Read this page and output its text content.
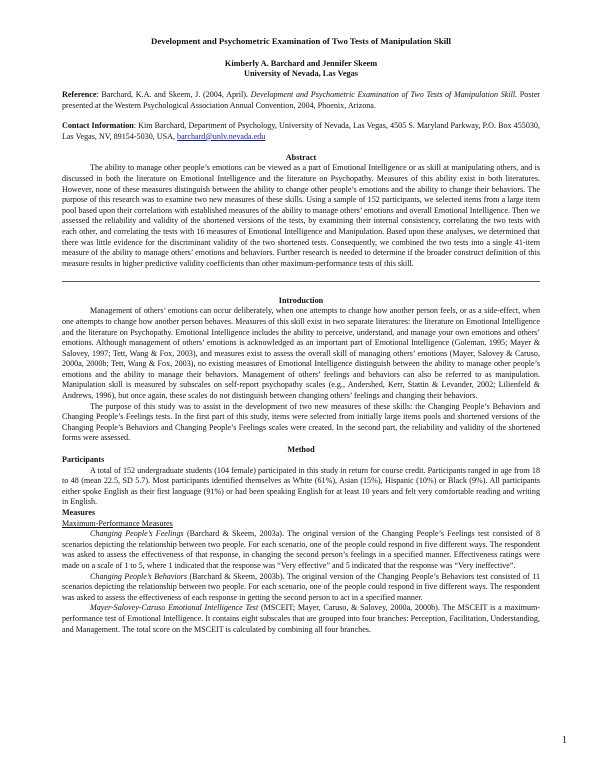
Development and Psychometric Examination of Two Tests of Manipulation Skill
Kimberly A. Barchard and Jennifer Skeem
University of Nevada, Las Vegas

Reference: Barchard, K.A. and Skeem, J. (2004, April). Development and Psychometric Examination of Two Tests of Manipulation Skill. Poster presented at the Western Psychological Association Annual Convention, 2004, Phoenix, Arizona.

Contact Information: Kim Barchard, Department of Psychology, University of Nevada, Las Vegas, 4505 S. Maryland Parkway, P.O. Box 455030, Las Vegas, NV, 89154-5030, USA, barchard@unlv.nevada.edu

Abstract

The ability to manage other people’s emotions can be viewed as a part of Emotional Intelligence or as skill at manipulating others, and is discussed in both the literature on Emotional Intelligence and the literature on Psychopathy. Measures of this ability exist in both literatures. However, none of these measures distinguish between the ability to change other people’s emotions and the ability to change their behaviors. The purpose of this research was to examine two new measures of these skills. Using a sample of 152 participants, we selected items from a large item pool based upon their correlations with established measures of the ability to manage others’ emotions and overall Emotional Intelligence. Then we assessed the reliability and validity of the shortened versions of the tests, by examining their internal consistency, correlating the two tests with each other, and correlating the tests with 16 measures of Emotional Intelligence and Manipulation. Based upon these analyses, we determined that there was little evidence for the discriminant validity of the two shortened tests. Consequently, we combined the two tests into a single 41-item measure of the ability to manage others’ emotions and behaviors. Further research is needed to determine if the broader construct definition of this measure results in higher predictive validity coefficients than other maximum-performance tests of this skill.

Introduction

Management of others’ emotions can occur deliberately, when one attempts to change how another person feels, or as a side-effect, when one attempts to change how another person behaves. Measures of this skill exist in two separate literatures: the literature on Emotional Intelligence and the literature on Psychopathy. Emotional Intelligence includes the ability to perceive, understand, and manage your own emotions and others’ emotions. Although management of others’ emotions is acknowledged as an important part of Emotional Intelligence (Goleman, 1995; Mayer & Salovey, 1997; Tett, Wang & Fox, 2003), and measures exist to assess the overall skill of managing others’ emotions (Mayer, Salovey & Caruso, 2000a, 2000b; Tett, Wang & Fox, 2003), no existing measures of Emotional Intelligence distinguish between the ability to manage other people’s emotions and the ability to manage their behaviors. Management of others’ feelings and behaviors can also be referred to as manipulation. Manipulation skill is measured by subscales on self-report psychopathy scales (e.g., Andershed, Kerr, Stattin & Levander, 2002; Lilienfeld & Andrews, 1996), but once again, these scales do not distinguish between changing others’ feelings and changing their behaviors.

The purpose of this study was to assist in the development of two new measures of these skills: the Changing People’s Behaviors and Changing People’s Feelings tests. In the first part of this study, items were selected from initially large items pools and shortened versions of the Changing People’s Behaviors and Changing People’s Feelings scales were created. In the second part, the reliability and validity of the shortened forms were assessed.

Method
Participants

A total of 152 undergraduate students (104 female) participated in this study in return for course credit. Participants ranged in age from 18 to 48 (mean 22.5, SD 5.7). Most participants identified themselves as White (61%), Asian (15%), Hispanic (10%) or Black (9%). All participants either spoke English as their first language (91%) or had been speaking English for at least 10 years and felt very comfortable reading and writing in English.

Measures
Maximum-Performance Measures

Changing People’s Feelings (Barchard & Skeem, 2003a). The original version of the Changing People’s Feelings test consisted of 8 scenarios depicting the relationship between two people. For each scenario, one of the people could respond in five different ways. The respondent was asked to assess the effectiveness of that response, in changing the second person’s feelings in a specified manner. Effectiveness ratings were made on a scale of 1 to 5, where 1 indicated that the response was “Very effective” and 5 indicated that the response was “Very ineffective”.

Changing People’s Behaviors (Barchard & Skeem, 2003b). The original version of the Changing People’s Behaviors test consisted of 11 scenarios depicting the relationship between two people. For each scenario, one of the people could respond in five different ways. The respondent was asked to assess the effectiveness of each response in getting the second person to act in a specified manner.

Mayer-Salovey-Caruso Emotional Intelligence Test (MSCEIT; Mayer, Caruso, & Salovey, 2000a, 2000b). The MSCEIT is a maximum-performance test of Emotional Intelligence. It contains eight subscales that are grouped into four branches: Perception, Facilitation, Understanding, and Management. The total score on the MSCEIT is calculated by combining all four branches.

1
